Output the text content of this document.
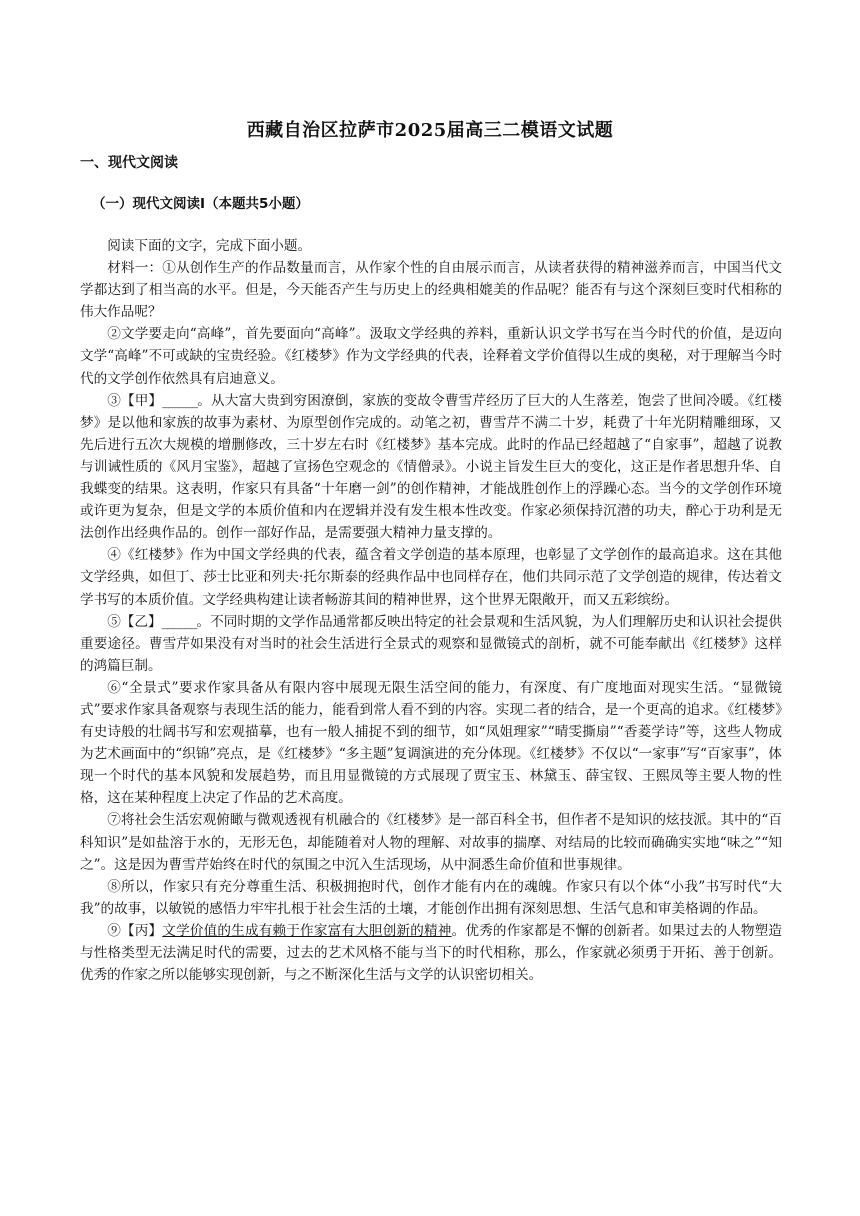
西藏自治区拉萨市2025届高三二模语文试题
一、现代文阅读
（一）现代文阅读Ⅰ（本题共5小题）

阅读下面的文字，完成下面小题。

材料一：①从创作生产的作品数量而言，从作家个性的自由展示而言，从读者获得的精神滋养而言，中国当代文学都达到了相当高的水平。但是，今天能否产生与历史上的经典相媲美的作品呢？能否有与这个深刻巨变时代相称的伟大作品呢？

②文学要走向“高峰”，首先要面向“高峰”。汲取文学经典的养料，重新认识文学书写在当今时代的价值，是迈向文学“高峰”不可或缺的宝贵经验。《红楼梦》作为文学经典的代表，诠释着文学价值得以生成的奥秘，对于理解当今时代的文学创作依然具有启迪意义。

③【甲】______。从大富大贵到穷困潦倒，家族的变故令曹雪芹经历了巨大的人生落差，饱尝了世间冷暖。《红楼梦》是以他和家族的故事为素材、为原型创作完成的。动笔之初，曹雪芹不满二十岁，耗费了十年光阴精雕细琢，又先后进行五次大规模的增删修改，三十岁左右时《红楼梦》基本完成。此时的作品已经超越了“自家事”，超越了说教与训诫性质的《风月宝鉴》，超越了宣扬色空观念的《情僧录》。小说主旨发生巨大的变化，这正是作者思想升华、自我蝶变的结果。这表明，作家只有具备“十年磨一剑”的创作精神，才能战胜创作上的浮躁心态。当今的文学创作环境或许更为复杂，但是文学的本质价值和内在逻辑并没有发生根本性改变。作家必须保持沉潜的功夫，醉心于功利是无法创作出经典作品的。创作一部好作品，是需要强大精神力量支撑的。

④《红楼梦》作为中国文学经典的代表，蕴含着文学创造的基本原理，也彰显了文学创作的最高追求。这在其他文学经典，如但丁、莎士比亚和列夫·托尔斯泰的经典作品中也同样存在，他们共同示范了文学创造的规律，传达着文学书写的本质价值。文学经典构建让读者畅游其间的精神世界，这个世界无限敞开，而又五彩缤纷。

⑤【乙】______。不同时期的文学作品通常都反映出特定的社会景观和生活风貌，为人们理解历史和认识社会提供重要途径。曹雪芹如果没有对当时的社会生活进行全景式的观察和显微镜式的剖析，就不可能奉献出《红楼梦》这样的鸿篇巨制。

⑥“全景式”要求作家具备从有限内容中展现无限生活空间的能力，有深度、有广度地面对现实生活。“显微镜式”要求作家具备观察与表现生活的能力，能看到常人看不到的内容。实现二者的结合，是一个更高的追求。《红楼梦》有史诗般的壮阔书写和宏观描摹，也有一般人捕捉不到的细节，如“凤姐理家”“晴雯撕扇”“香菱学诗”等，这些人物成为艺术画面中的“织锦”亮点，是《红楼梦》“多主题”复调演进的充分体现。《红楼梦》不仅以“一家事”写“百家事”，体现一个时代的基本风貌和发展趋势，而且用显微镜的方式展现了贾宝玉、林黛玉、薛宝钗、王熙凤等主要人物的性格，这在某种程度上决定了作品的艺术高度。

⑦将社会生活宏观俯瞰与微观透视有机融合的《红楼梦》是一部百科全书，但作者不是知识的炫技派。其中的“百科知识”是如盐溶于水的，无形无色，却能随着对人物的理解、对故事的揣摩、对结局的比较而确确实实地“味之”“知之”。这是因为曹雪芹始终在时代的氛围之中沉入生活现场，从中洞悉生命价值和世事规律。

⑧所以，作家只有充分尊重生活、积极拥抱时代，创作才能有内在的魂魄。作家只有以个体“小我”书写时代“大我”的故事，以敏锐的感悟力牢牢扎根于社会生活的土壤，才能创作出拥有深刻思想、生活气息和审美格调的作品。

⑨【丙】文学价值的生成有赖于作家富有大胆创新的精神。优秀的作家都是不懈的创新者。如果过去的人物塑造与性格类型无法满足时代的需要，过去的艺术风格不能与当下的时代相称，那么，作家就必须勇于开拓、善于创新。优秀的作家之所以能够实现创新，与之不断深化生活与文学的认识密切相关。
